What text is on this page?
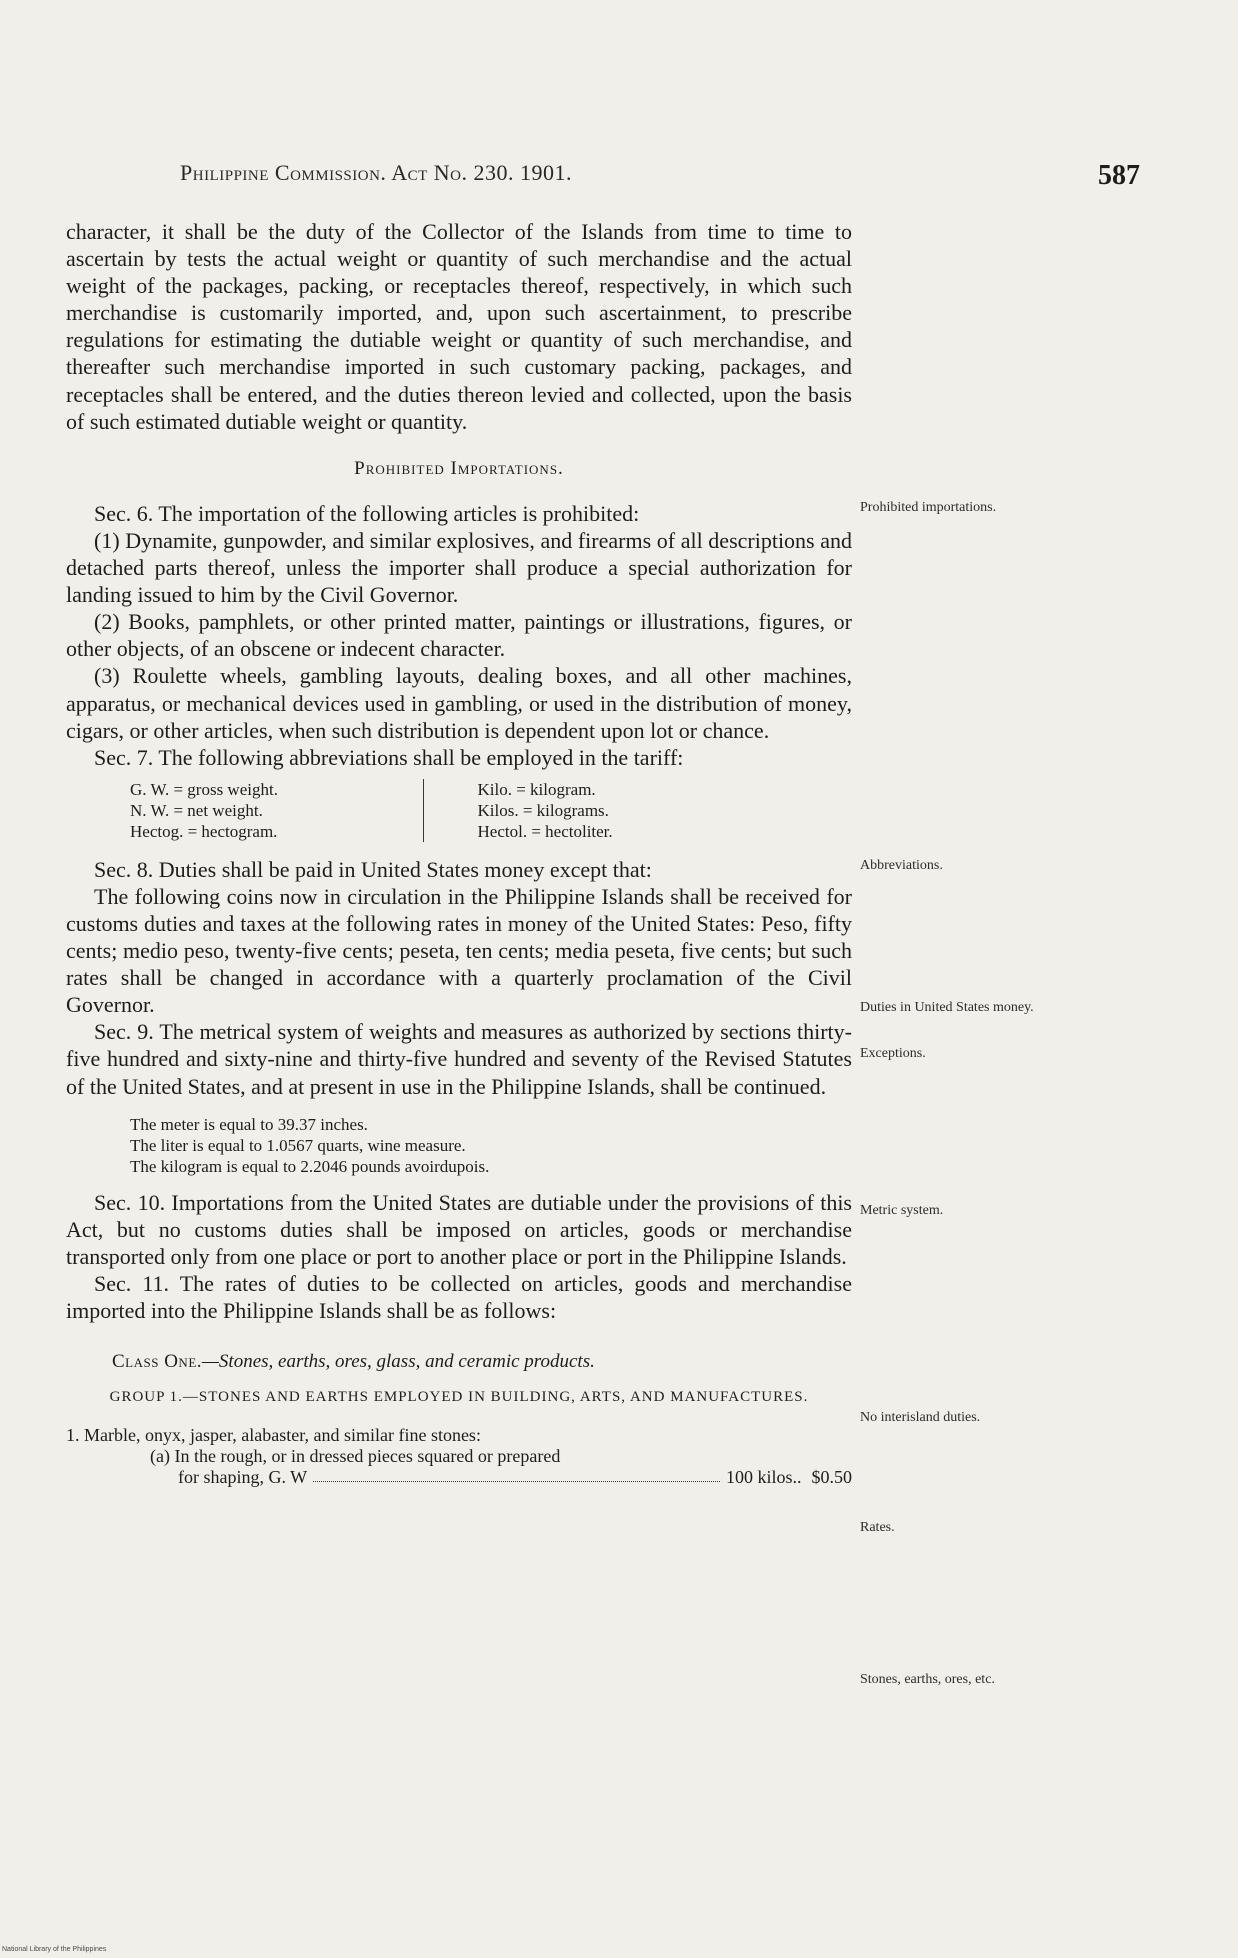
Philippine Commission. Act No. 230. 1901.	587

character, it shall be the duty of the Collector of the Islands from time to time to ascertain by tests the actual weight or quantity of such merchandise and the actual weight of the packages, packing, or receptacles thereof, respectively, in which such merchandise is customarily imported, and, upon such ascertainment, to prescribe regulations for estimating the dutiable weight or quantity of such merchandise, and thereafter such merchandise imported in such customary packing, packages, and receptacles shall be entered, and the duties thereon levied and collected, upon the basis of such estimated dutiable weight or quantity.

Prohibited Importations.

Sec. 6. The importation of the following articles is prohibited:

(1) Dynamite, gunpowder, and similar explosives, and firearms of all descriptions and detached parts thereof, unless the importer shall produce a special authorization for landing issued to him by the Civil Governor.

(2) Books, pamphlets, or other printed matter, paintings or illustrations, figures, or other objects, of an obscene or indecent character.

(3) Roulette wheels, gambling layouts, dealing boxes, and all other machines, apparatus, or mechanical devices used in gambling, or used in the distribution of money, cigars, or other articles, when such distribution is dependent upon lot or chance.

Sec. 7. The following abbreviations shall be employed in the tariff:

G. W. = gross weight.
N. W. = net weight.
Hectog. = hectogram.
Kilo. = kilogram.
Kilos. = kilograms.
Hectol. = hectoliter.

Sec. 8. Duties shall be paid in United States money except that:

The following coins now in circulation in the Philippine Islands shall be received for customs duties and taxes at the following rates in money of the United States: Peso, fifty cents; medio peso, twenty-five cents; peseta, ten cents; media peseta, five cents; but such rates shall be changed in accordance with a quarterly proclamation of the Civil Governor.

Sec. 9. The metrical system of weights and measures as authorized by sections thirty-five hundred and sixty-nine and thirty-five hundred and seventy of the Revised Statutes of the United States, and at present in use in the Philippine Islands, shall be continued.

The meter is equal to 39.37 inches.
The liter is equal to 1.0567 quarts, wine measure.
The kilogram is equal to 2.2046 pounds avoirdupois.

Sec. 10. Importations from the United States are dutiable under the provisions of this Act, but no customs duties shall be imposed on articles, goods or merchandise transported only from one place or port to another place or port in the Philippine Islands.

Sec. 11. The rates of duties to be collected on articles, goods and merchandise imported into the Philippine Islands shall be as follows:

Class One.—Stones, earths, ores, glass, and ceramic products.

GROUP 1.—STONES AND EARTHS EMPLOYED IN BUILDING, ARTS, AND MANUFACTURES.

1. Marble, onyx, jasper, alabaster, and similar fine stones:
(a) In the rough, or in dressed pieces squared or prepared
for shaping, G. W	100 kilos.. $0.50

Prohibited importations.
Abbreviations.
Duties in United States money.
Exceptions.
Metric system.
No interisland duties.
Rates.
Stones, earths, ores, etc.
National Library of the Philippines
